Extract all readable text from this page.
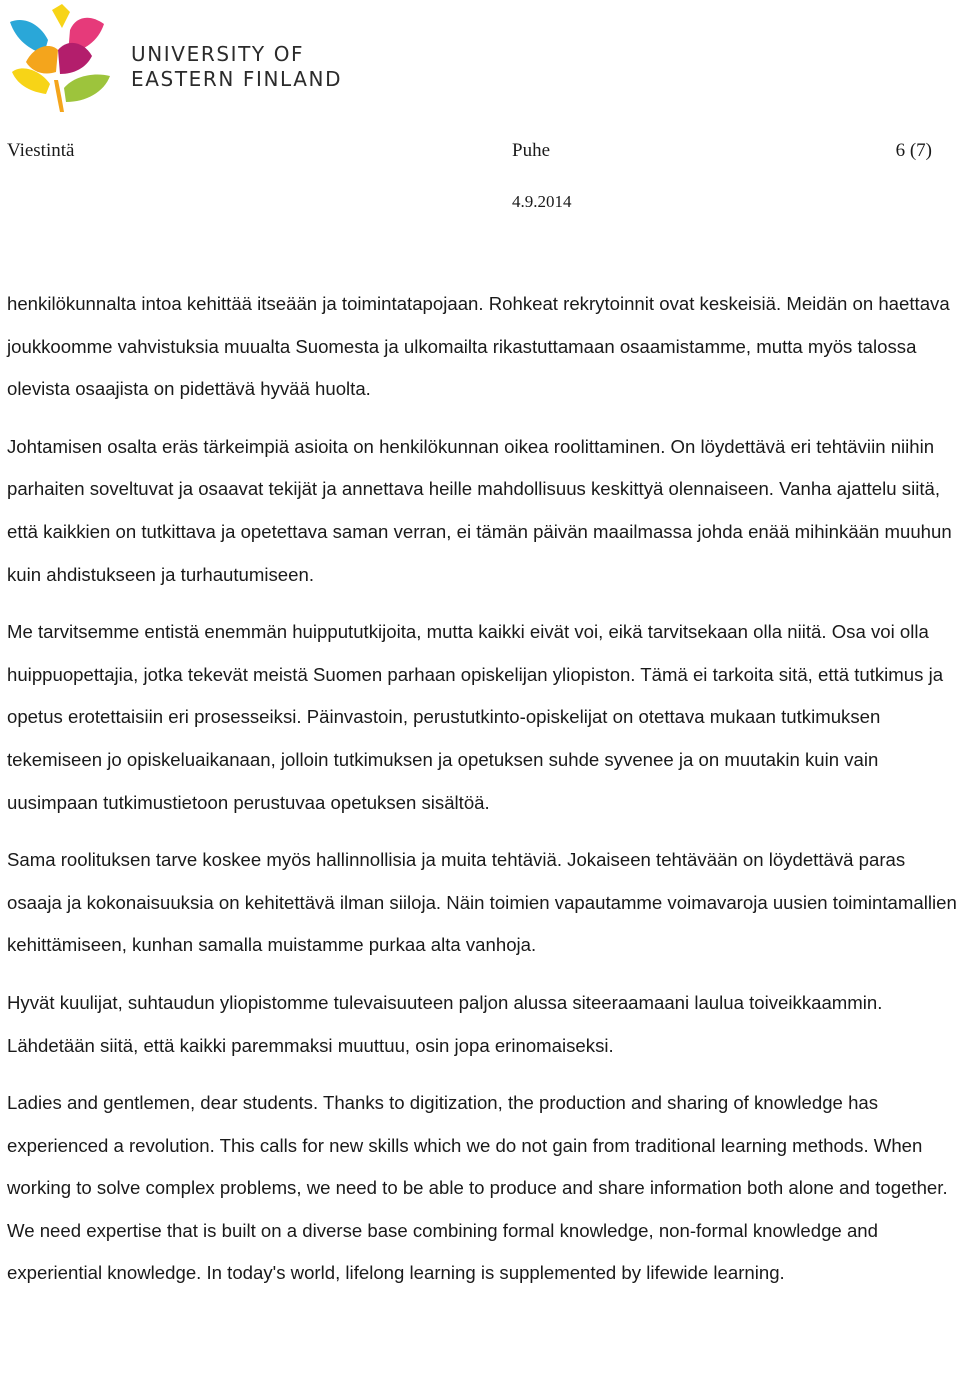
UNIVERSITY OF
EASTERN FINLAND
Viestintä	Puhe	6 (7)
4.9.2014

henkilökunnalta intoa kehittää itseään ja toimintatapojaan. Rohkeat rekrytoinnit ovat keskeisiä. Meidän on haettava joukkoomme vahvistuksia muualta Suomesta ja ulkomailta rikastuttamaan osaamistamme, mutta myös talossa olevista osaajista on pidettävä hyvää huolta.

Johtamisen osalta eräs tärkeimpiä asioita on henkilökunnan oikea roolittaminen. On löydettävä eri tehtäviin niihin parhaiten soveltuvat ja osaavat tekijät ja annettava heille mahdollisuus keskittyä olennaiseen. Vanha ajattelu siitä, että kaikkien on tutkittava ja opetettava saman verran, ei tämän päivän maailmassa johda enää mihinkään muuhun kuin ahdistukseen ja turhautumiseen.

Me tarvitsemme entistä enemmän huippututkijoita, mutta kaikki eivät voi, eikä tarvitsekaan olla niitä. Osa voi olla huippuopettajia, jotka tekevät meistä Suomen parhaan opiskelijan yliopiston. Tämä ei tarkoita sitä, että tutkimus ja opetus erotettaisiin eri prosesseiksi. Päinvastoin, perustutkinto-opiskelijat on otettava mukaan tutkimuksen tekemiseen jo opiskeluaikanaan, jolloin tutkimuksen ja opetuksen suhde syvenee ja on muutakin kuin vain uusimpaan tutkimustietoon perustuvaa opetuksen sisältöä.

Sama roolituksen tarve koskee myös hallinnollisia ja muita tehtäviä. Jokaiseen tehtävään on löydettävä paras osaaja ja kokonaisuuksia on kehitettävä ilman siiloja. Näin toimien vapautamme voimavaroja uusien toimintamallien kehittämiseen, kunhan samalla muistamme purkaa alta vanhoja.

Hyvät kuulijat, suhtaudun yliopistomme tulevaisuuteen paljon alussa siteeraamaani laulua toiveikkaammin. Lähdetään siitä, että kaikki paremmaksi muuttuu, osin jopa erinomaiseksi.

Ladies and gentlemen, dear students. Thanks to digitization, the production and sharing of knowledge has experienced a revolution. This calls for new skills which we do not gain from traditional learning methods. When working to solve complex problems, we need to be able to produce and share information both alone and together. We need expertise that is built on a diverse base combining formal knowledge, non-formal knowledge and experiential knowledge. In today's world, lifelong learning is supplemented by lifewide learning.
